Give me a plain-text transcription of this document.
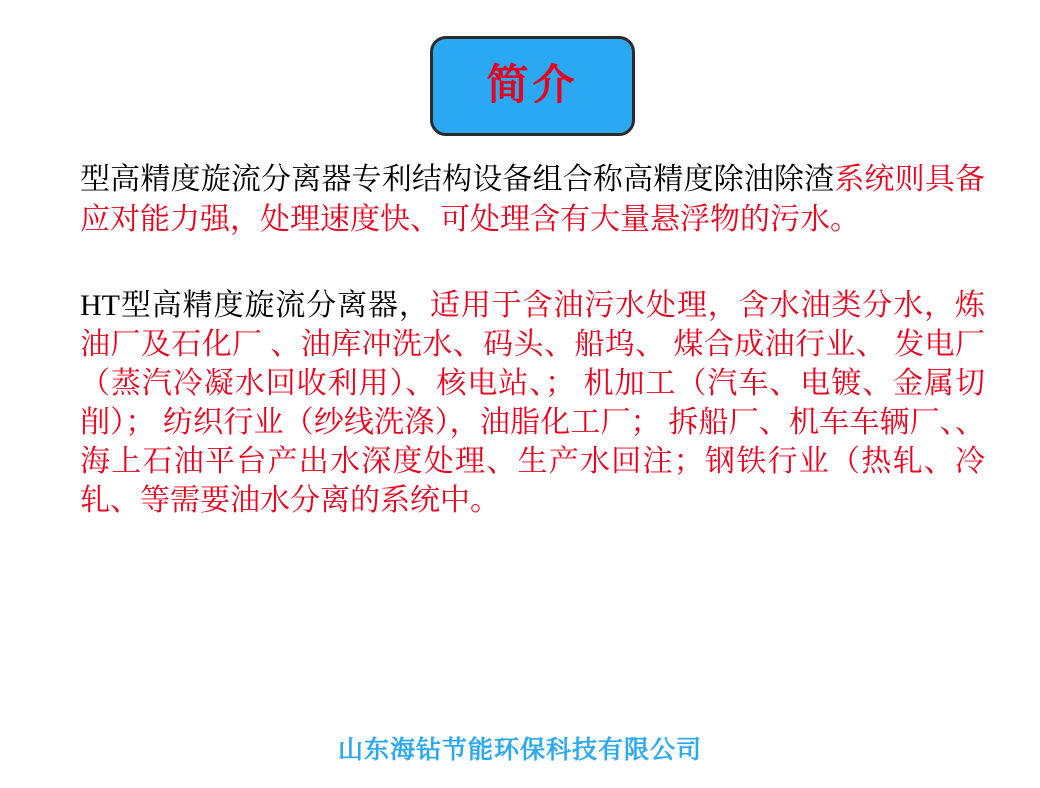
简介

型高精度旋流分离器专利结构设备组合称高精度除油除渣系统则具备应对能力强，处理速度快、可处理含有大量悬浮物的污水。

HT型高精度旋流分离器，适用于含油污水处理，含水油类分水，炼油厂及石化厂 、油库冲洗水、码头、船坞、 煤合成油行业、 发电厂（蒸汽冷凝水回收利用）、核电站、； 机加工（汽车、电镀、金属切削）； 纺织行业（纱线洗涤），油脂化工厂； 拆船厂、机车车辆厂、、海上石油平台产出水深度处理、生产水回注；钢铁行业（热轧、冷轧、等需要油水分离的系统中。

山东海钻节能环保科技有限公司
